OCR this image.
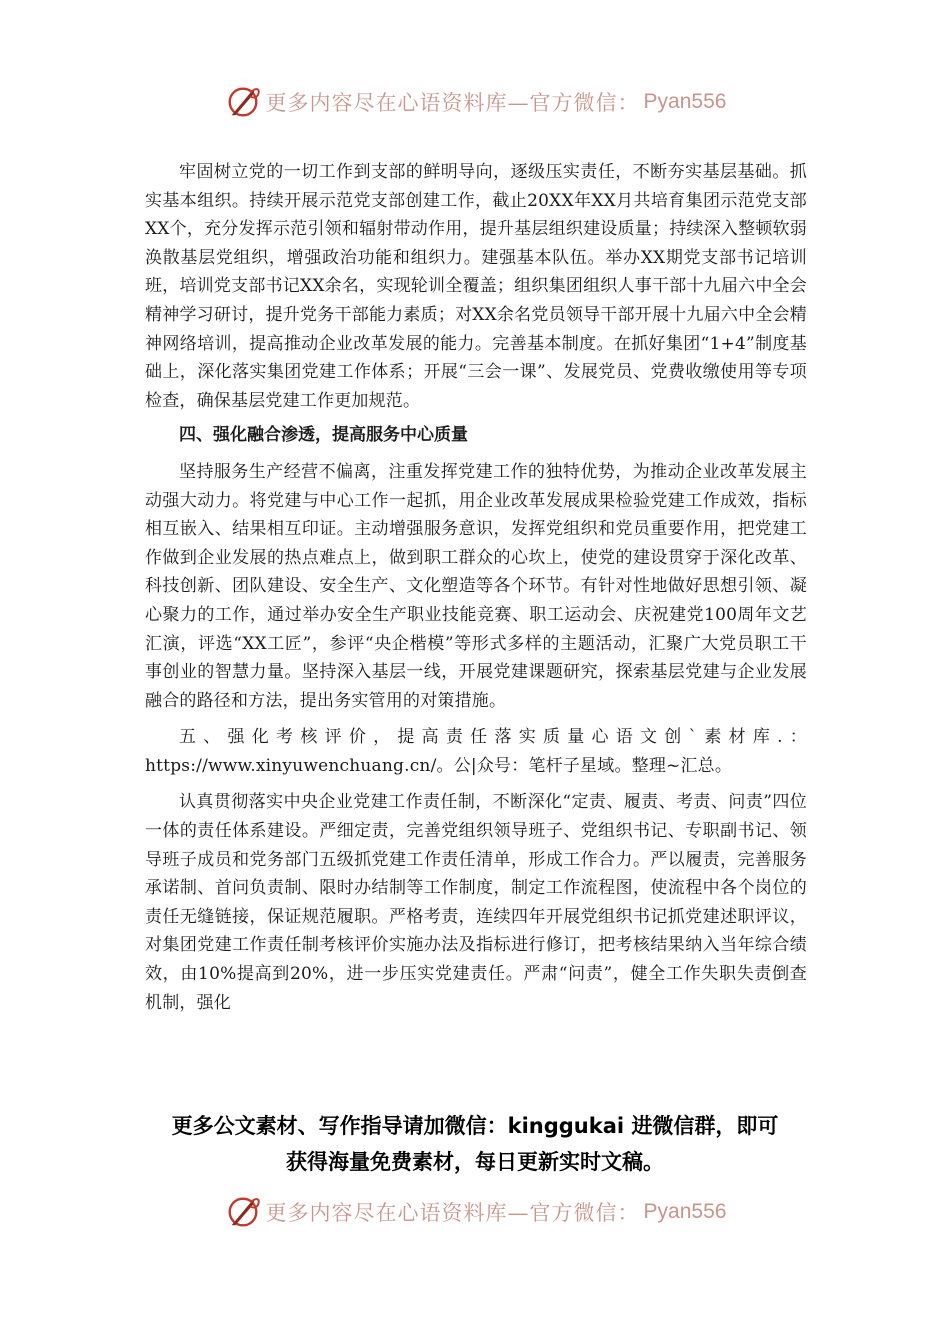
更多内容尽在心语资料库—官方微信： Pyan556

牢固树立党的一切工作到支部的鲜明导向，逐级压实责任，不断夯实基层基础。抓实基本组织。持续开展示范党支部创建工作，截止20XX年XX月共培育集团示范党支部XX个，充分发挥示范引领和辐射带动作用，提升基层组织建设质量；持续深入整顿软弱涣散基层党组织，增强政治功能和组织力。建强基本队伍。举办XX期党支部书记培训班，培训党支部书记XX余名，实现轮训全覆盖；组织集团组织人事干部十九届六中全会精神学习研讨，提升党务干部能力素质；对XX余名党员领导干部开展十九届六中全会精神网络培训，提高推动企业改革发展的能力。完善基本制度。在抓好集团“1+4”制度基础上，深化落实集团党建工作体系；开展“三会一课”、发展党员、党费收缴使用等专项检查，确保基层党建工作更加规范。

四、强化融合渗透，提高服务中心质量

坚持服务生产经营不偏离，注重发挥党建工作的独特优势，为推动企业改革发展主动强大动力。将党建与中心工作一起抓，用企业改革发展成果检验党建工作成效，指标相互嵌入、结果相互印证。主动增强服务意识，发挥党组织和党员重要作用，把党建工作做到企业发展的热点难点上，做到职工群众的心坎上，使党的建设贯穿于深化改革、科技创新、团队建设、安全生产、文化塑造等各个环节。有针对性地做好思想引领、凝心聚力的工作，通过举办安全生产职业技能竞赛、职工运动会、庆祝建党100周年文艺汇演，评选“XX工匠”，参评“央企楷模”等形式多样的主题活动，汇聚广大党员职工干事创业的智慧力量。坚持深入基层一线，开展党建课题研究，探索基层党建与企业发展融合的路径和方法，提出务实管用的对策措施。

五、强化考核评价，提高责任落实质量心语文创`素材库.：https://www.xinyuwenchuang.cn/。公|众号：笔杆子星域。整理~汇总。

认真贯彻落实中央企业党建工作责任制，不断深化“定责、履责、考责、问责”四位一体的责任体系建设。严细定责，完善党组织领导班子、党组织书记、专职副书记、领导班子成员和党务部门五级抓党建工作责任清单，形成工作合力。严以履责，完善服务承诺制、首问负责制、限时办结制等工作制度，制定工作流程图，使流程中各个岗位的责任无缝链接，保证规范履职。严格考责，连续四年开展党组织书记抓党建述职评议，对集团党建工作责任制考核评价实施办法及指标进行修订，把考核结果纳入当年综合绩效，由10%提高到20%，进一步压实党建责任。严肃“问责”，健全工作失职失责倒查机制，强化

更多公文素材、写作指导请加微信：kinggukai 进微信群，即可
获得海量免费素材，每日更新实时文稿。
更多内容尽在心语资料库—官方微信： Pyan556
